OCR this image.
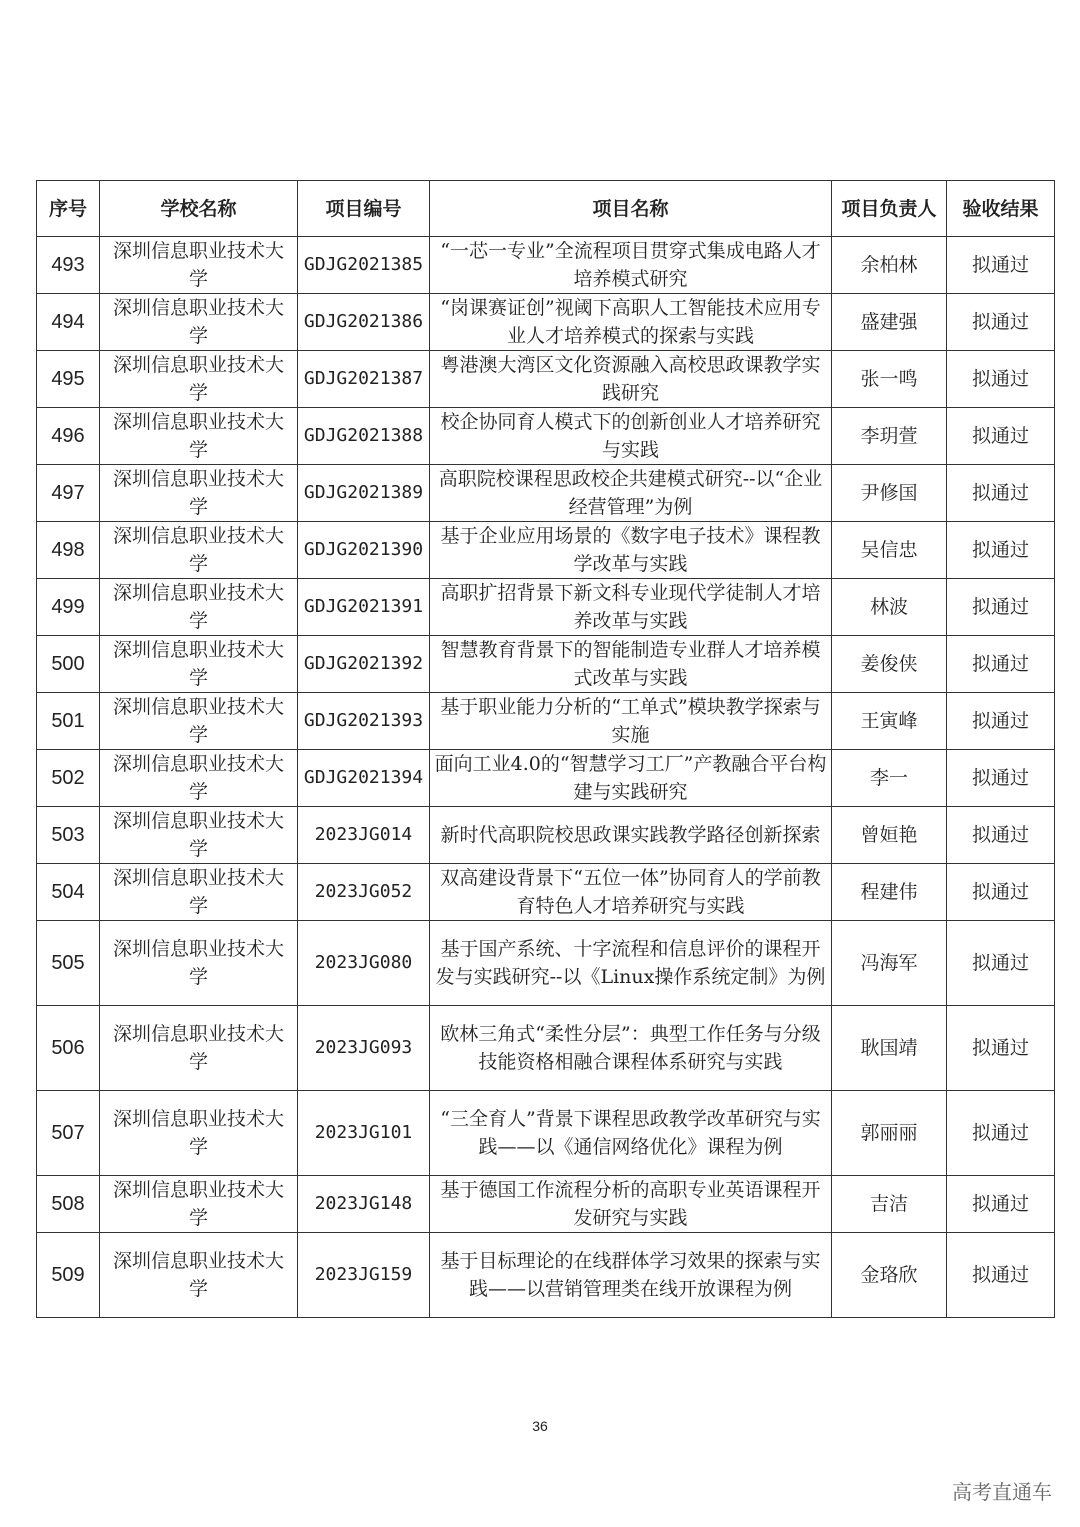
序号	学校名称	项目编号	项目名称	项目负责人	验收结果
493	深圳信息职业技术大学	GDJG2021385	“一芯一专业”全流程项目贯穿式集成电路人才培养模式研究	余柏林	拟通过
494	深圳信息职业技术大学	GDJG2021386	“岗课赛证创”视阈下高职人工智能技术应用专业人才培养模式的探索与实践	盛建强	拟通过
495	深圳信息职业技术大学	GDJG2021387	粤港澳大湾区文化资源融入高校思政课教学实践研究	张一鸣	拟通过
496	深圳信息职业技术大学	GDJG2021388	校企协同育人模式下的创新创业人才培养研究与实践	李玥萱	拟通过
497	深圳信息职业技术大学	GDJG2021389	高职院校课程思政校企共建模式研究--以“企业经营管理”为例	尹修国	拟通过
498	深圳信息职业技术大学	GDJG2021390	基于企业应用场景的《数字电子技术》课程教学改革与实践	吴信忠	拟通过
499	深圳信息职业技术大学	GDJG2021391	高职扩招背景下新文科专业现代学徒制人才培养改革与实践	林波	拟通过
500	深圳信息职业技术大学	GDJG2021392	智慧教育背景下的智能制造专业群人才培养模式改革与实践	姜俊侠	拟通过
501	深圳信息职业技术大学	GDJG2021393	基于职业能力分析的“工单式”模块教学探索与实施	王寅峰	拟通过
502	深圳信息职业技术大学	GDJG2021394	面向工业4.0的“智慧学习工厂”产教融合平台构建与实践研究	李一	拟通过
503	深圳信息职业技术大学	2023JG014	新时代高职院校思政课实践教学路径创新探索	曾姮艳	拟通过
504	深圳信息职业技术大学	2023JG052	双高建设背景下“五位一体”协同育人的学前教育特色人才培养研究与实践	程建伟	拟通过
505	深圳信息职业技术大学	2023JG080	基于国产系统、十字流程和信息评价的课程开发与实践研究--以《Linux操作系统定制》为例	冯海军	拟通过
506	深圳信息职业技术大学	2023JG093	欧林三角式“柔性分层”：典型工作任务与分级技能资格相融合课程体系研究与实践	耿国靖	拟通过
507	深圳信息职业技术大学	2023JG101	“三全育人”背景下课程思政教学改革研究与实践——以《通信网络优化》课程为例	郭丽丽	拟通过
508	深圳信息职业技术大学	2023JG148	基于德国工作流程分析的高职专业英语课程开发研究与实践	吉洁	拟通过
509	深圳信息职业技术大学	2023JG159	基于目标理论的在线群体学习效果的探索与实践——以营销管理类在线开放课程为例	金珞欣	拟通过
36
高考直通车
